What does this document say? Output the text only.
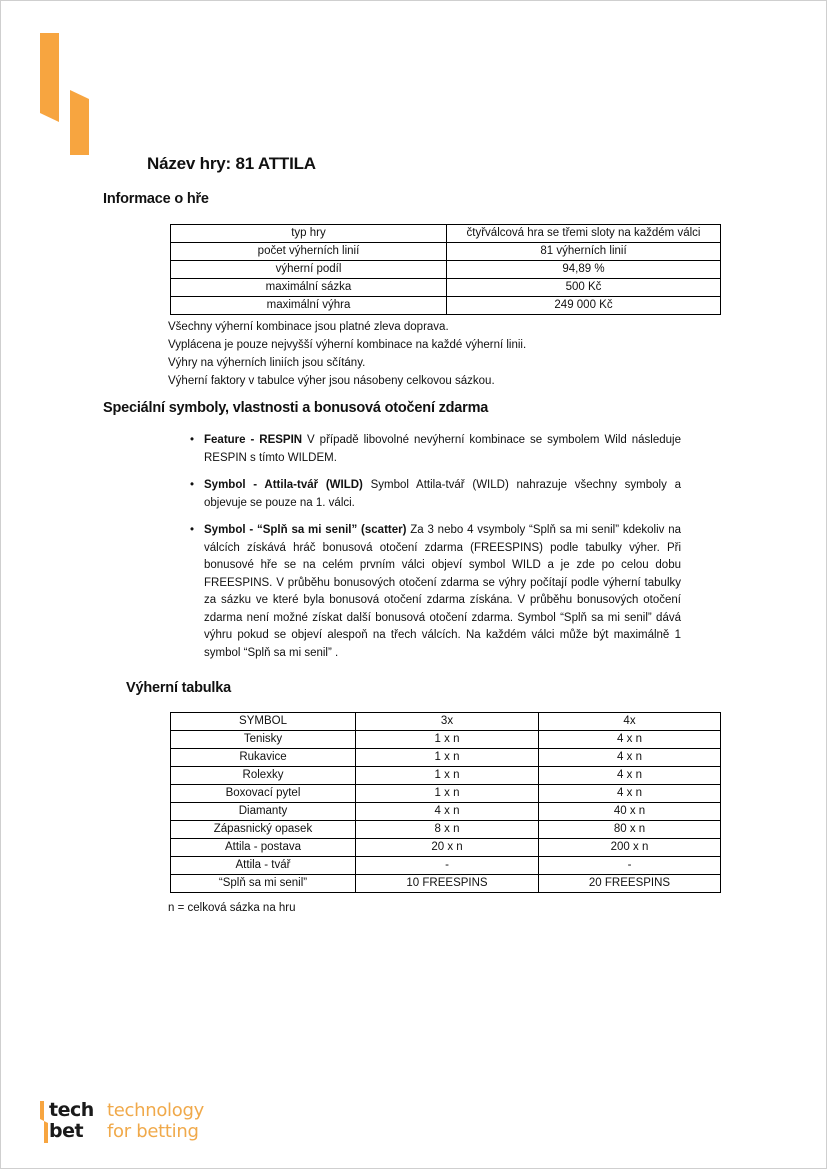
Název hry: 81 ATTILA
Informace o hře
typ hry	čtyřválcová hra se třemi sloty na každém válci
počet výherních linií	81 výherních linií
výherní podíl	94,89 %
maximální sázka	500 Kč
maximální výhra	249 000 Kč
Všechny výherní kombinace jsou platné zleva doprava.
Vyplácena je pouze nejvyšší výherní kombinace na každé výherní linii.
Výhry na výherních liniích jsou sčítány.
Výherní faktory v tabulce výher jsou násobeny celkovou sázkou.
Speciální symboly, vlastnosti a bonusová otočení zdarma
• Feature - RESPIN V případě libovolné nevýherní kombinace se symbolem Wild následuje RESPIN s tímto WILDEM.
• Symbol - Attila-tvář (WILD) Symbol Attila-tvář (WILD) nahrazuje všechny symboly a objevuje se pouze na 1. válci.
• Symbol - “Splň sa mi senil” (scatter) Za 3 nebo 4 vsymboly “Splň sa mi senil” kdekoliv na válcích získává hráč bonusová otočení zdarma (FREESPINS) podle tabulky výher. Při bonusové hře se na celém prvním válci objeví symbol WILD a je zde po celou dobu FREESPINS. V průběhu bonusových otočení zdarma se výhry počítají podle výherní tabulky za sázku ve které byla bonusová otočení zdarma získána. V průběhu bonusových otočení zdarma není možné získat další bonusová otočení zdarma. Symbol “Splň sa mi senil” dává výhru pokud se objeví alespoň na třech válcích. Na každém válci může být maximálně 1 symbol “Splň sa mi senil” .
Výherní tabulka
SYMBOL	3x	4x
Tenisky	1 x n	4 x n
Rukavice	1 x n	4 x n
Rolexky	1 x n	4 x n
Boxovací pytel	1 x n	4 x n
Diamanty	4 x n	40 x n
Zápasnický opasek	8 x n	80 x n
Attila - postava	20 x n	200 x n
Attila - tvář	-	-
“Splň sa mi senil”	10 FREESPINS	20 FREESPINS
n = celková sázka na hru
tech
bet
technology
for betting
